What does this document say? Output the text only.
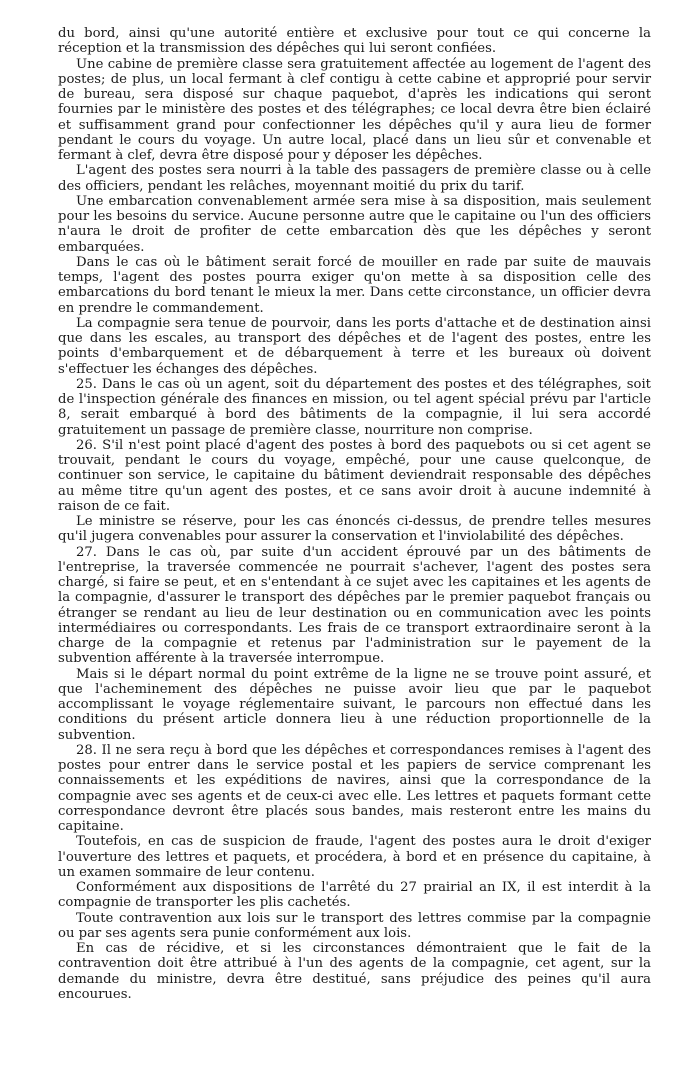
du bord, ainsi qu'une autorité entière et exclusive pour tout ce qui concerne la réception et la transmission des dépêches qui lui seront confiées.

Une cabine de première classe sera gratuitement affectée au logement de l'agent des postes; de plus, un local fermant à clef contigu à cette cabine et approprié pour servir de bureau, sera disposé sur chaque paquebot, d'après les indications qui seront fournies par le ministère des postes et des télégraphes; ce local devra être bien éclairé et suffisamment grand pour confectionner les dépêches qu'il y aura lieu de former pendant le cours du voyage. Un autre local, placé dans un lieu sûr et convenable et fermant à clef, devra être disposé pour y déposer les dépêches.

L'agent des postes sera nourri à la table des passagers de première classe ou à celle des officiers, pendant les relâches, moyennant moitié du prix du tarif.

Une embarcation convenablement armée sera mise à sa disposition, mais seulement pour les besoins du service. Aucune personne autre que le capitaine ou l'un des officiers n'aura le droit de profiter de cette embarcation dès que les dépêches y seront embarquées.

Dans le cas où le bâtiment serait forcé de mouiller en rade par suite de mauvais temps, l'agent des postes pourra exiger qu'on mette à sa disposition celle des embarcations du bord tenant le mieux la mer. Dans cette circonstance, un officier devra en prendre le commandement.

La compagnie sera tenue de pourvoir, dans les ports d'attache et de destination ainsi que dans les escales, au transport des dépêches et de l'agent des postes, entre les points d'embarquement et de débarquement à terre et les bureaux où doivent s'effectuer les échanges des dépêches.

25. Dans le cas où un agent, soit du département des postes et des télégraphes, soit de l'inspection générale des finances en mission, ou tel agent spécial prévu par l'article 8, serait embarqué à bord des bâtiments de la compagnie, il lui sera accordé gratuitement un passage de première classe, nourriture non comprise.

26. S'il n'est point placé d'agent des postes à bord des paquebots ou si cet agent se trouvait, pendant le cours du voyage, empêché, pour une cause quelconque, de continuer son service, le capitaine du bâtiment deviendrait responsable des dépêches au même titre qu'un agent des postes, et ce sans avoir droit à aucune indemnité à raison de ce fait.

Le ministre se réserve, pour les cas énoncés ci-dessus, de prendre telles mesures qu'il jugera convenables pour assurer la conservation et l'inviolabilité des dépêches.

27. Dans le cas où, par suite d'un accident éprouvé par un des bâtiments de l'entreprise, la traversée commencée ne pourrait s'achever, l'agent des postes sera chargé, si faire se peut, et en s'entendant à ce sujet avec les capitaines et les agents de la compagnie, d'assurer le transport des dépêches par le premier paquebot français ou étranger se rendant au lieu de leur destination ou en communication avec les points intermédiaires ou correspondants. Les frais de ce transport extraordinaire seront à la charge de la compagnie et retenus par l'administration sur le payement de la subvention afférente à la traversée interrompue.

Mais si le départ normal du point extrême de la ligne ne se trouve point assuré, et que l'acheminement des dépêches ne puisse avoir lieu que par le paquebot accomplissant le voyage réglementaire suivant, le parcours non effectué dans les conditions du présent article donnera lieu à une réduction proportionnelle de la subvention.

28. Il ne sera reçu à bord que les dépêches et correspondances remises à l'agent des postes pour entrer dans le service postal et les papiers de service comprenant les connaissements et les expéditions de navires, ainsi que la correspondance de la compagnie avec ses agents et de ceux-ci avec elle. Les lettres et paquets formant cette correspondance devront être placés sous bandes, mais resteront entre les mains du capitaine.

Toutefois, en cas de suspicion de fraude, l'agent des postes aura le droit d'exiger l'ouverture des lettres et paquets, et procédera, à bord et en présence du capitaine, à un examen sommaire de leur contenu.

Conformément aux dispositions de l'arrêté du 27 prairial an IX, il est interdit à la compagnie de transporter les plis cachetés.

Toute contravention aux lois sur le transport des lettres commise par la compagnie ou par ses agents sera punie conformément aux lois.

En cas de récidive, et si les circonstances démontraient que le fait de la contravention doit être attribué à l'un des agents de la compagnie, cet agent, sur la demande du ministre, devra être destitué, sans préjudice des peines qu'il aura encourues.
